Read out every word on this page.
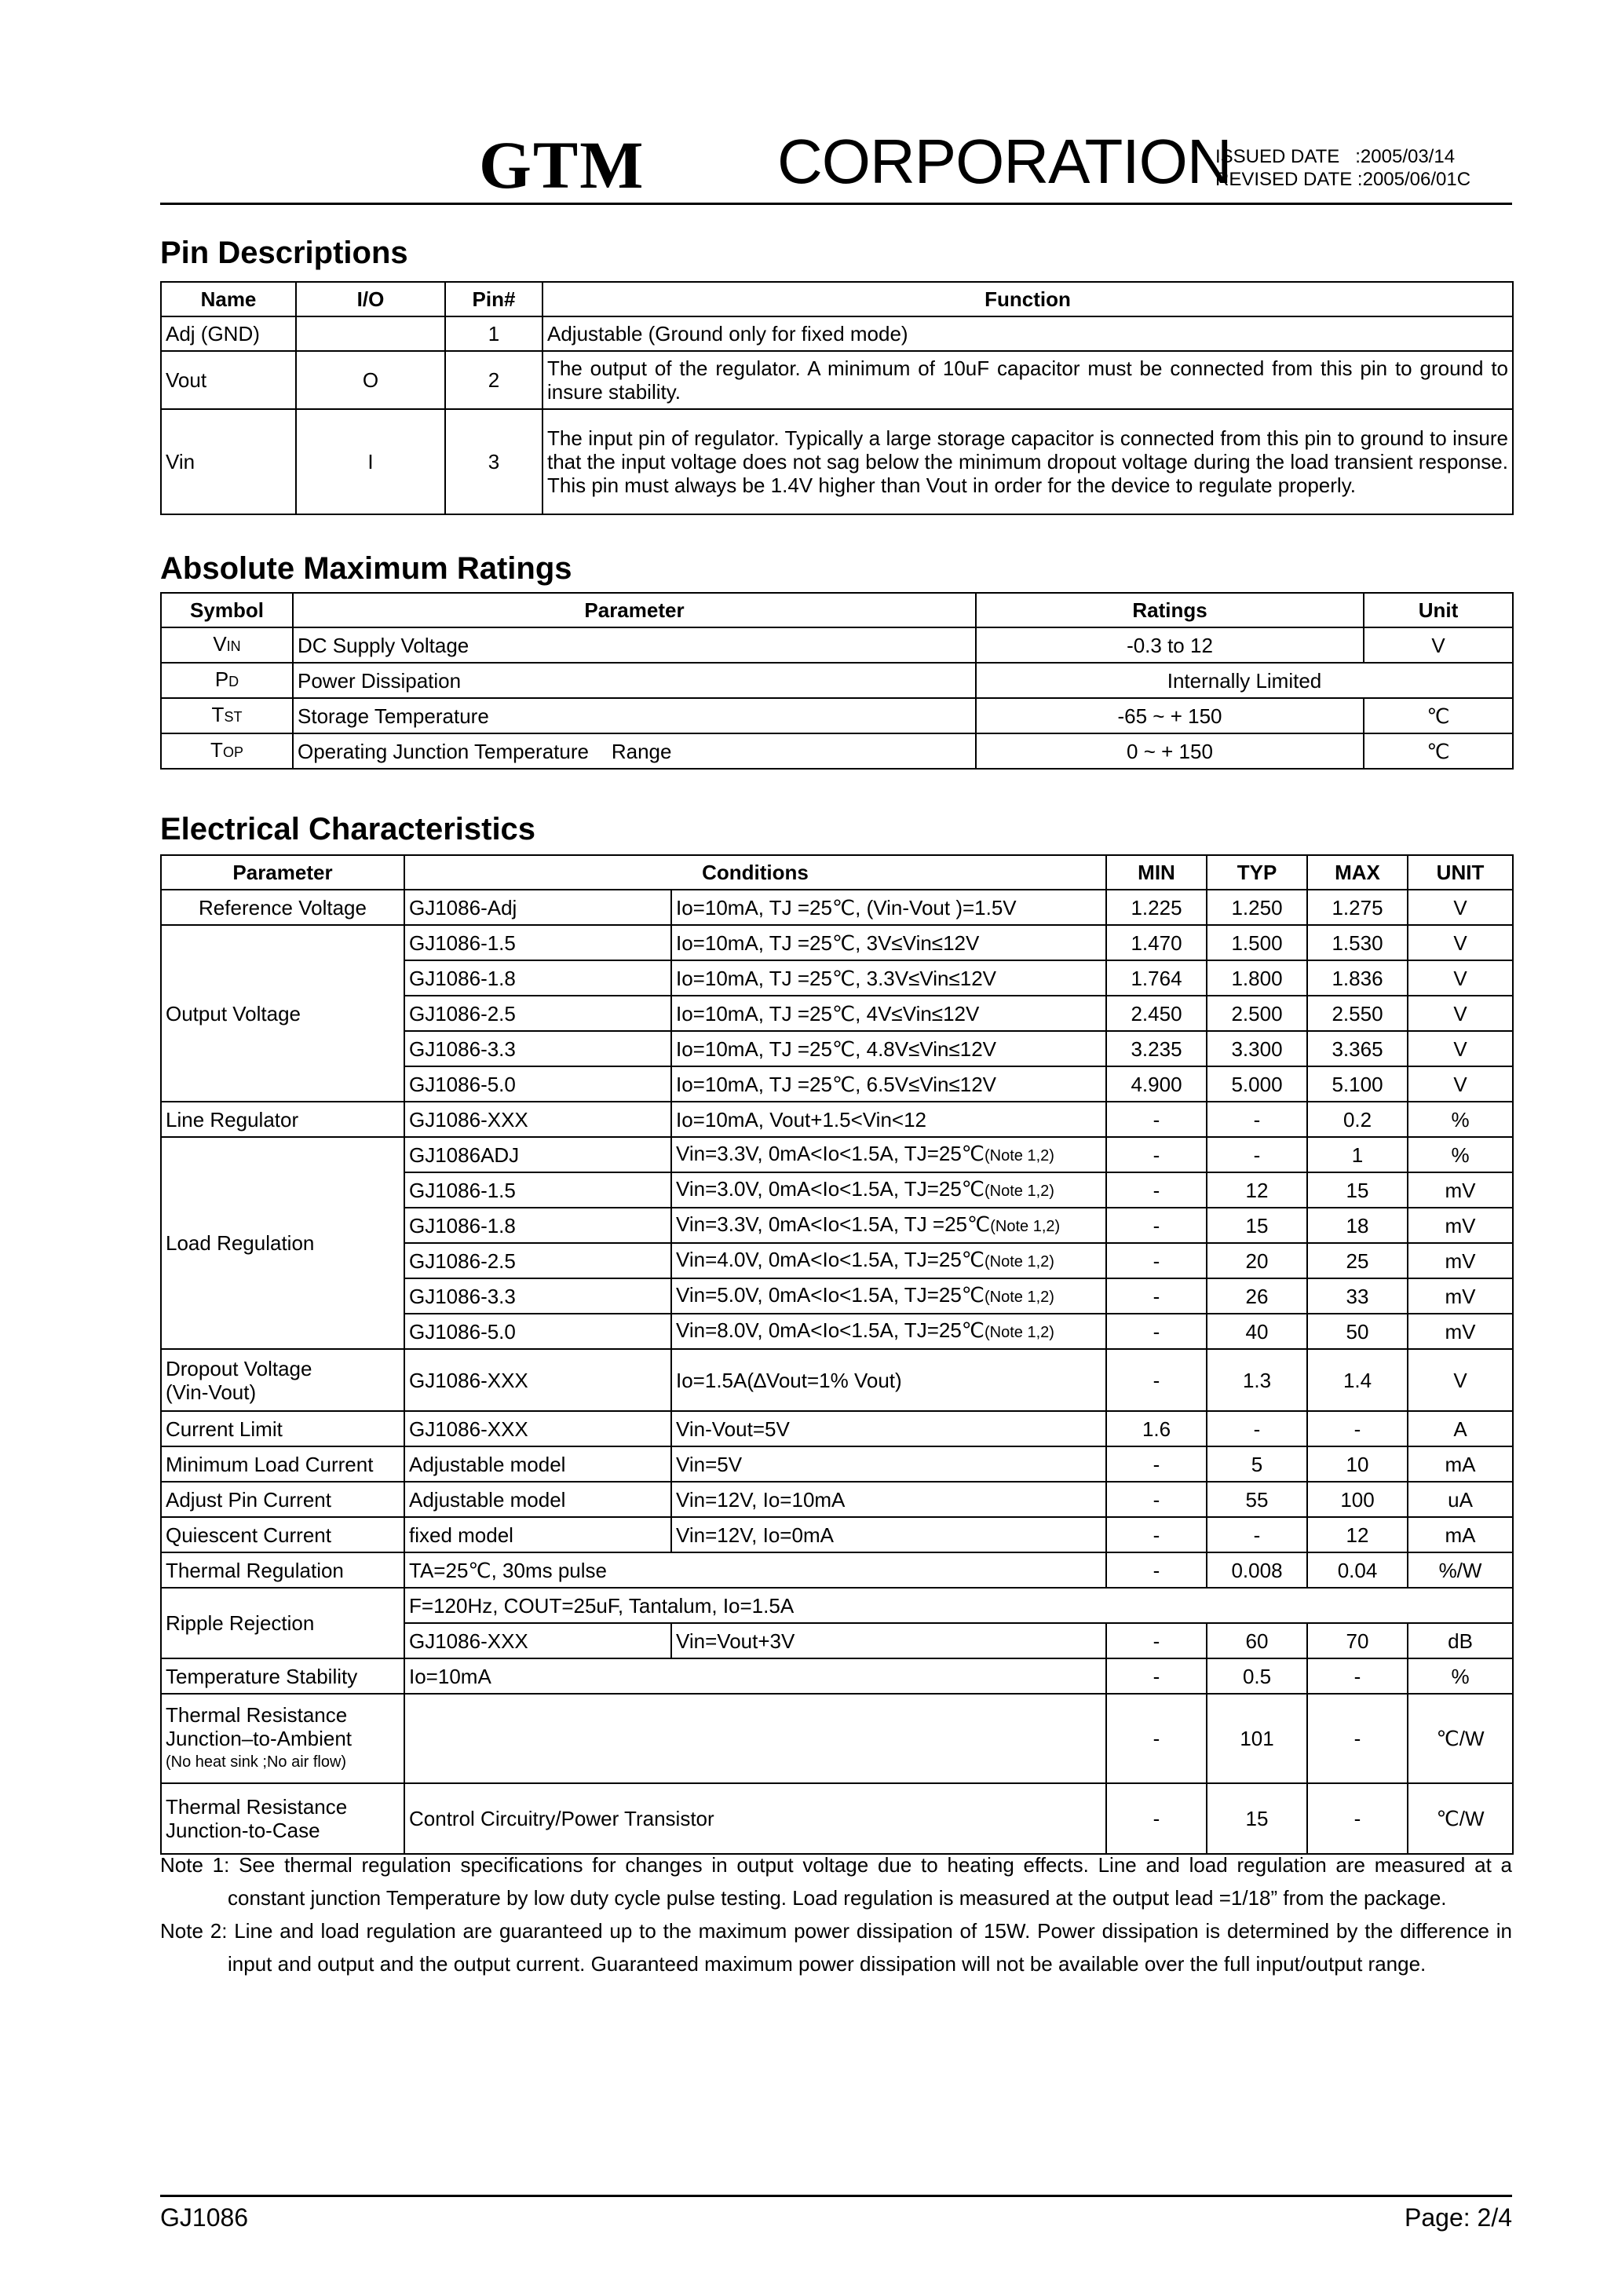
GTM CORPORATION
ISSUED DATE   :2005/03/14
REVISED DATE :2005/06/01C
Pin Descriptions
Name	I/O	Pin#	Function
Adj (GND)		1	Adjustable (Ground only for fixed mode)
Vout	O	2	The output of the regulator. A minimum of 10uF capacitor must be connected from this pin to ground to insure stability.
Vin	I	3	The input pin of regulator. Typically a large storage capacitor is connected from this pin to ground to insure that the input voltage does not sag below the minimum dropout voltage during the load transient response. This pin must always be 1.4V higher than Vout in order for the device to regulate properly.
Absolute Maximum Ratings
Symbol	Parameter	Ratings	Unit
VIN	DC Supply Voltage	-0.3 to 12	V
PD	Power Dissipation	Internally Limited	
TST	Storage Temperature	-65 ~ + 150	℃
TOP	Operating Junction Temperature    Range	0 ~ + 150	℃
Electrical Characteristics
Parameter	Conditions		MIN	TYP	MAX	UNIT
Reference Voltage	GJ1086-Adj	Io=10mA, TJ =25℃, (Vin-Vout )=1.5V	1.225	1.250	1.275	V
Output Voltage	GJ1086-1.5	Io=10mA, TJ =25℃, 3V≤Vin≤12V	1.470	1.500	1.530	V
	GJ1086-1.8	Io=10mA, TJ =25℃, 3.3V≤Vin≤12V	1.764	1.800	1.836	V
	GJ1086-2.5	Io=10mA, TJ =25℃, 4V≤Vin≤12V	2.450	2.500	2.550	V
	GJ1086-3.3	Io=10mA, TJ =25℃, 4.8V≤Vin≤12V	3.235	3.300	3.365	V
	GJ1086-5.0	Io=10mA, TJ =25℃, 6.5V≤Vin≤12V	4.900	5.000	5.100	V
Line Regulator	GJ1086-XXX	Io=10mA, Vout+1.5<Vin<12	-	-	0.2	%
Load Regulation	GJ1086ADJ	Vin=3.3V, 0mA<Io<1.5A, TJ=25℃(Note 1,2)	-	-	1	%
	GJ1086-1.5	Vin=3.0V, 0mA<Io<1.5A, TJ=25℃(Note 1,2)	-	12	15	mV
	GJ1086-1.8	Vin=3.3V, 0mA<Io<1.5A, TJ =25℃(Note 1,2)	-	15	18	mV
	GJ1086-2.5	Vin=4.0V, 0mA<Io<1.5A, TJ=25℃(Note 1,2)	-	20	25	mV
	GJ1086-3.3	Vin=5.0V, 0mA<Io<1.5A, TJ=25℃(Note 1,2)	-	26	33	mV
	GJ1086-5.0	Vin=8.0V, 0mA<Io<1.5A, TJ=25℃(Note 1,2)	-	40	50	mV

Dropout Voltage
(Vin-Vout)	GJ1086-XXX	Io=1.5A(∆Vout=1% Vout)	-	1.3	1.4	V
Current Limit	GJ1086-XXX	Vin-Vout=5V	1.6	-	-	A
Minimum Load Current	Adjustable model	Vin=5V	-	5	10	mA
Adjust Pin Current	Adjustable model	Vin=12V, Io=10mA	-	55	100	uA
Quiescent Current	fixed model	Vin=12V, Io=0mA	-	-	12	mA
Thermal Regulation	TA=25℃, 30ms pulse		-	0.008	0.04	%/W
Ripple Rejection	F=120Hz, COUT=25uF, Tantalum, Io=1.5A					
	GJ1086-XXX	Vin=Vout+3V	-	60	70	dB
Temperature Stability	Io=10mA		-	0.5	-	%

Thermal Resistance
Junction–to-Ambient
(No heat sink ;No air flow)			-	101	-	℃/W

Thermal Resistance
Junction-to-Case	Control Circuitry/Power Transistor		-	15	-	℃/W

Note 1: See thermal regulation specifications for changes in output voltage due to heating effects. Line and load regulation are measured at a constant junction Temperature by low duty cycle pulse testing. Load regulation is measured at the output lead =1/18” from the package.

Note 2: Line and load regulation are guaranteed up to the maximum power dissipation of 15W. Power dissipation is determined by the difference in input and output and the output current. Guaranteed maximum power dissipation will not be available over the full input/output range.

GJ1086	Page: 2/4
